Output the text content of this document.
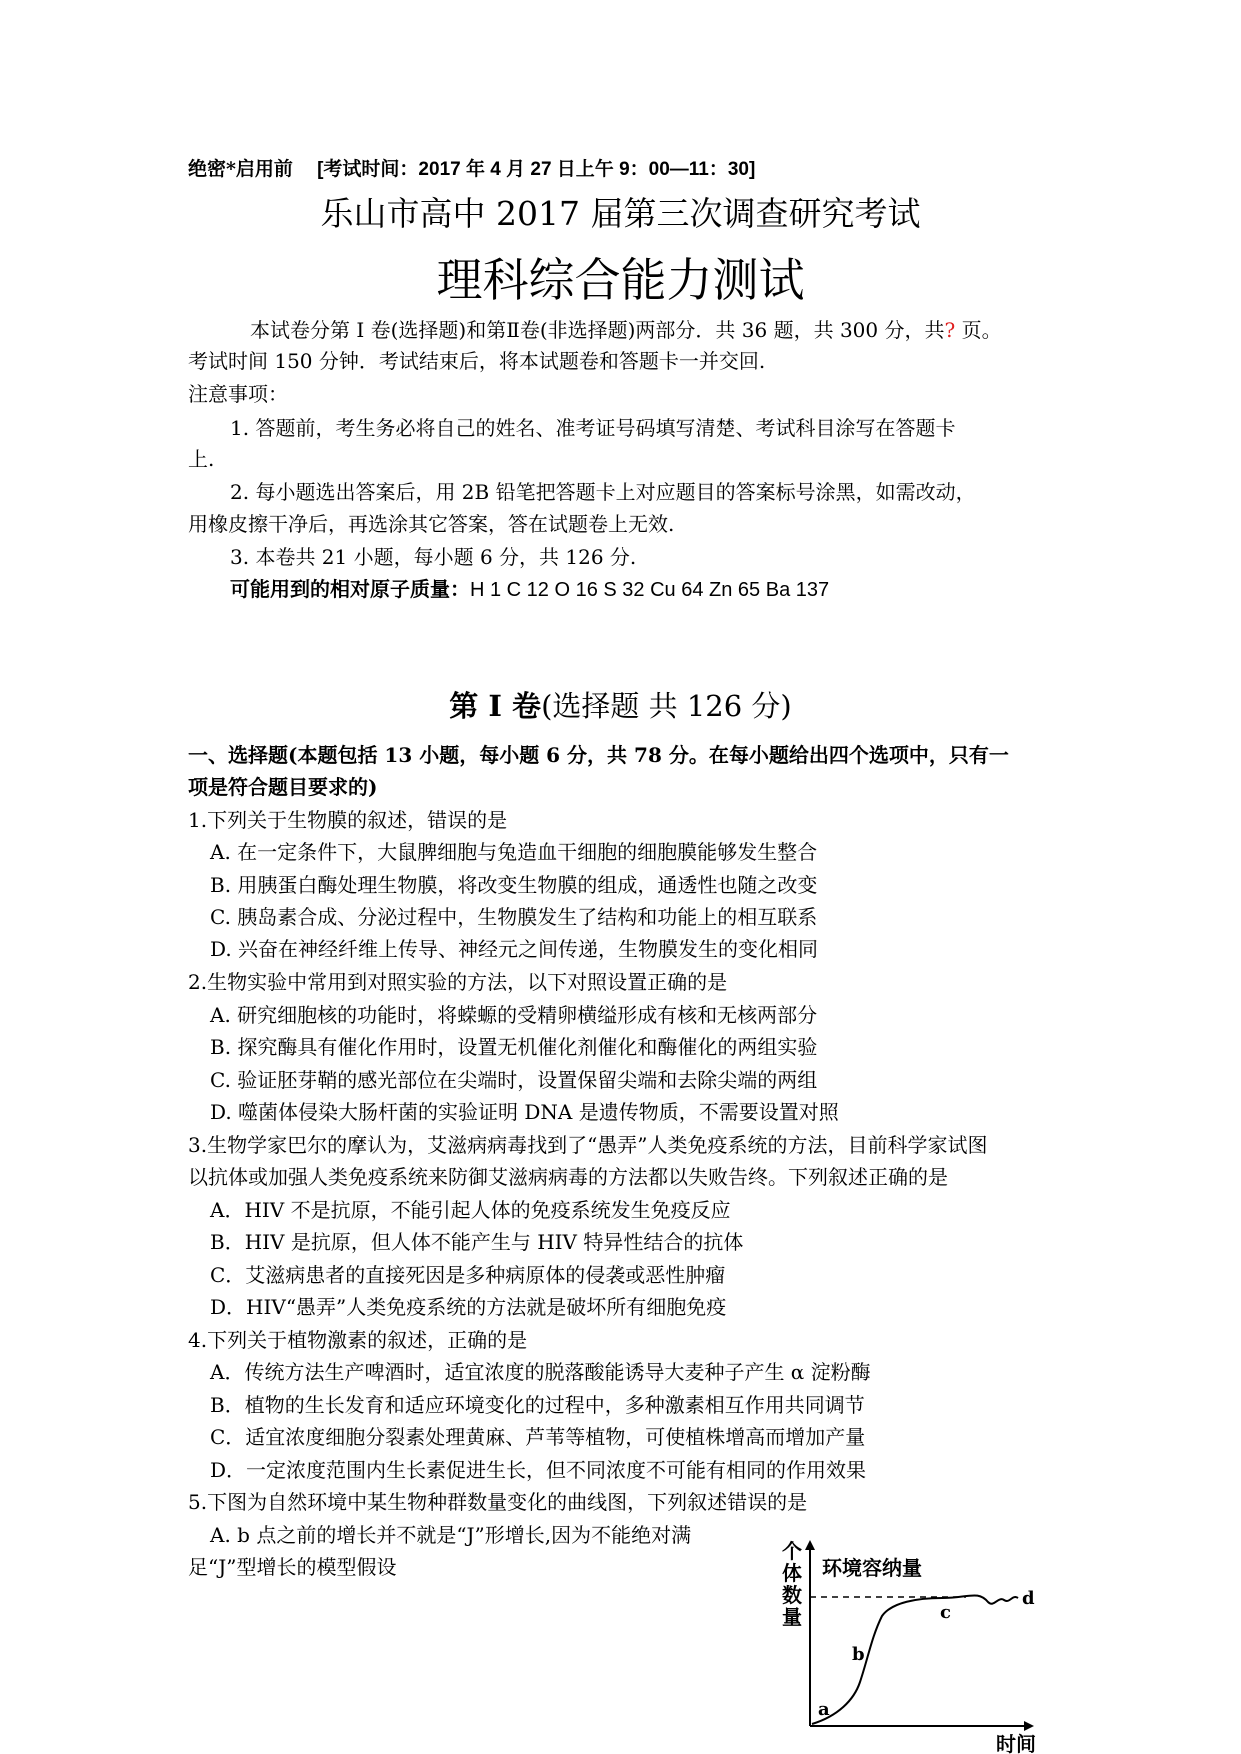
绝密*启用前 [考试时间：2017 年 4 月 27 日上午 9：00—11：30]
乐山市高中 2017 届第三次调查研究考试
理科综合能力测试
本试卷分第 I 卷(选择题)和第Ⅱ卷(非选择题)两部分．共 36 题，共 300 分，共? 页。
考试时间 150 分钟．考试结束后，将本试题卷和答题卡一并交回.
注意事项：
1. 答题前，考生务必将自己的姓名、准考证号码填写清楚、考试科目涂写在答题卡
上.
2. 每小题选出答案后，用 2B 铅笔把答题卡上对应题目的答案标号涂黑，如需改动，
用橡皮擦干净后，再选涂其它答案，答在试题卷上无效.
3. 本卷共 21 小题，每小题 6 分，共 126 分.
可能用到的相对原子质量：H 1 C 12 O 16 S 32 Cu 64 Zn 65 Ba 137
第 I 卷(选择题 共 126 分)
一、选择题(本题包括 13 小题，每小题 6 分，共 78 分。在每小题给出四个选项中，只有一
项是符合题目要求的)
1.下列关于生物膜的叙述，错误的是
A. 在一定条件下，大鼠脾细胞与兔造血干细胞的细胞膜能够发生整合
B. 用胰蛋白酶处理生物膜，将改变生物膜的组成，通透性也随之改变
C. 胰岛素合成、分泌过程中，生物膜发生了结构和功能上的相互联系
D. 兴奋在神经纤维上传导、神经元之间传递，生物膜发生的变化相同
2.生物实验中常用到对照实验的方法，以下对照设置正确的是
A. 研究细胞核的功能时，将蝾螈的受精卵横缢形成有核和无核两部分
B. 探究酶具有催化作用时，设置无机催化剂催化和酶催化的两组实验
C. 验证胚芽鞘的感光部位在尖端时，设置保留尖端和去除尖端的两组
D. 噬菌体侵染大肠杆菌的实验证明 DNA 是遗传物质，不需要设置对照
3.生物学家巴尔的摩认为，艾滋病病毒找到了“愚弄”人类免疫系统的方法，目前科学家试图
以抗体或加强人类免疫系统来防御艾滋病病毒的方法都以失败告终。下列叙述正确的是
A．HIV 不是抗原，不能引起人体的免疫系统发生免疫反应
B．HIV 是抗原，但人体不能产生与 HIV 特异性结合的抗体
C．艾滋病患者的直接死因是多种病原体的侵袭或恶性肿瘤
D．HIV“愚弄”人类免疫系统的方法就是破坏所有细胞免疫
4.下列关于植物激素的叙述，正确的是
A．传统方法生产啤酒时，适宜浓度的脱落酸能诱导大麦种子产生 α 淀粉酶
B．植物的生长发育和适应环境变化的过程中，多种激素相互作用共同调节
C．适宜浓度细胞分裂素处理黄麻、芦苇等植物，可使植株增高而增加产量
D．一定浓度范围内生长素促进生长，但不同浓度不可能有相同的作用效果
5.下图为自然环境中某生物种群数量变化的曲线图，下列叙述错误的是
A. b 点之前的增长并不就是“J”形增长,因为不能绝对满
足“J”型增长的模型假设
个
体
数
量
时间
环境容纳量
a
b
c
d
